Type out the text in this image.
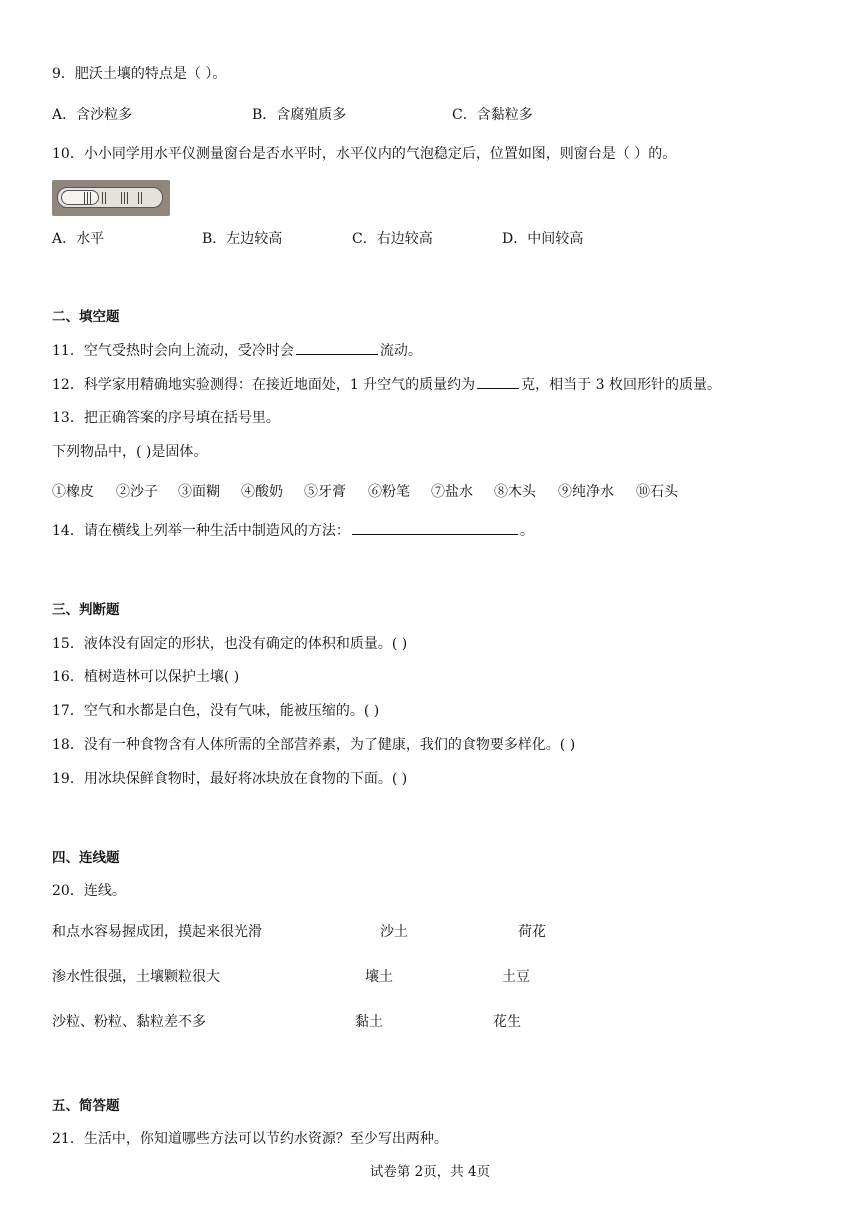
9．肥沃土壤的特点是（ ）。
A．含沙粒多	B．含腐殖质多	C．含黏粒多
10．小小同学用水平仪测量窗台是否水平时，水平仪内的气泡稳定后，位置如图，则窗台是（ ）的。
A．水平	B．左边较高	C．右边较高	D．中间较高
二、填空题
11．空气受热时会向上流动，受冷时会	流动。
12．科学家用精确地实验测得：在接近地面处，1 升空气的质量约为	克，相当于 3 枚回形针的质量。
13．把正确答案的序号填在括号里。
下列物品中，( )是固体。
①橡皮 ②沙子 ③面糊 ④酸奶 ⑤牙膏 ⑥粉笔 ⑦盐水 ⑧木头 ⑨纯净水 ⑩石头
14．请在横线上列举一种生活中制造风的方法：	。
三、判断题
15．液体没有固定的形状，也没有确定的体积和质量。( )
16．植树造林可以保护土壤( )
17．空气和水都是白色，没有气味，能被压缩的。( )
18．没有一种食物含有人体所需的全部营养素，为了健康，我们的食物要多样化。( )
19．用冰块保鲜食物时，最好将冰块放在食物的下面。( )
四、连线题
20．连线。
和点水容易握成团，摸起来很光滑
渗水性很强，土壤颗粒很大
沙粒、粉粒、黏粒差不多
沙土
壤土
黏土
荷花
土豆
花生
五、简答题
21．生活中，你知道哪些方法可以节约水资源？至少写出两种。
试卷第 2页，共 4页
